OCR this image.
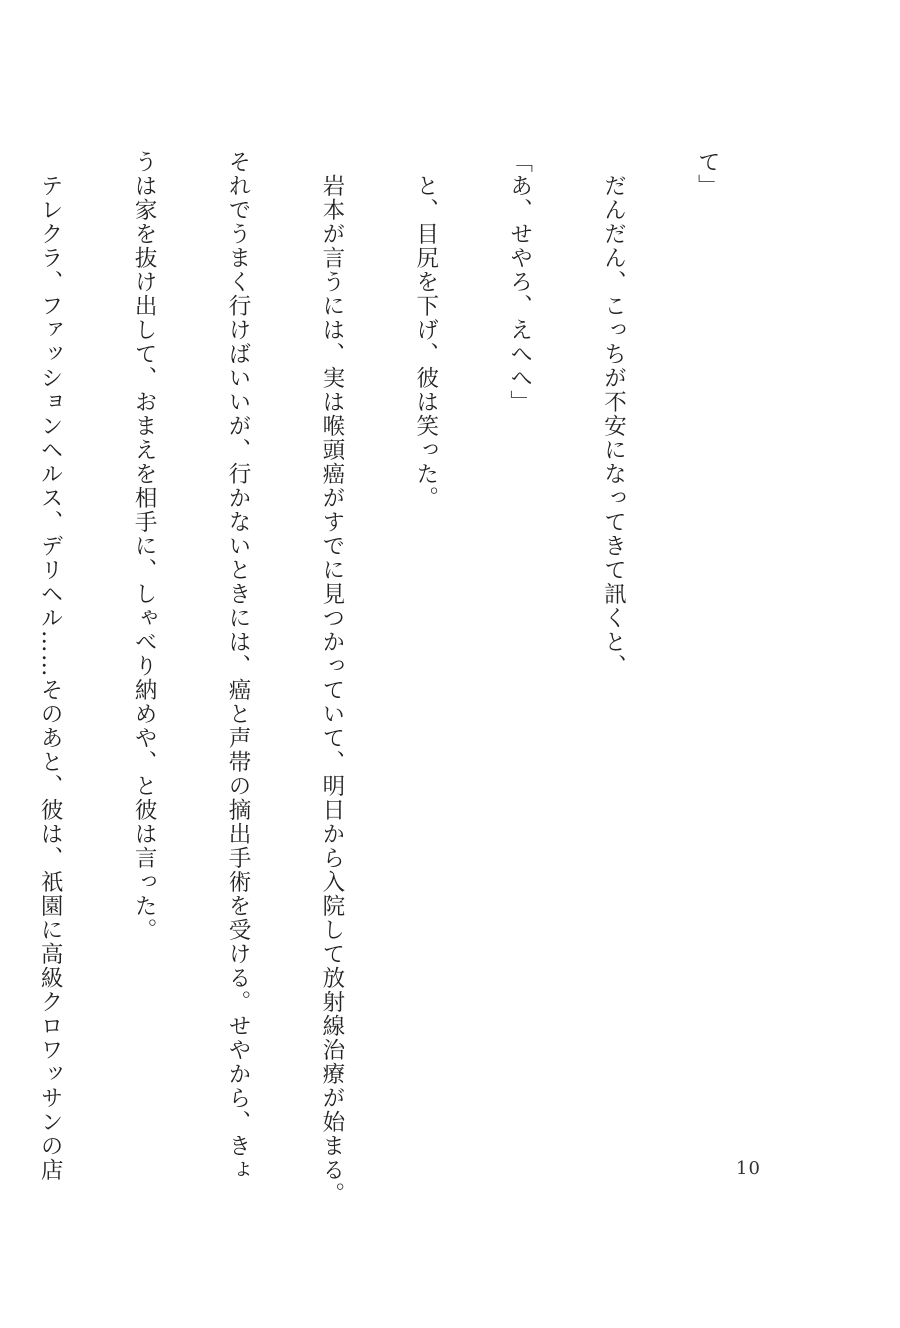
て」

　だんだん、こっちが不安になってきて訊くと、

「あ、せやろ、えへへ」

　と、目尻を下げ、彼は笑った。

　岩本が言うには、実は喉頭癌がすでに見つかっていて、明日から入院して放射線治療が始まる。

それでうまく行けばいいが、行かないときには、癌と声帯の摘出手術を受ける。せやから、きょ

うは家を抜け出して、おまえを相手に、しゃべり納めや、と彼は言った。

　テレクラ、ファッションヘルス、デリヘル……そのあと、彼は、祇園に高級クロワッサンの店

	10
